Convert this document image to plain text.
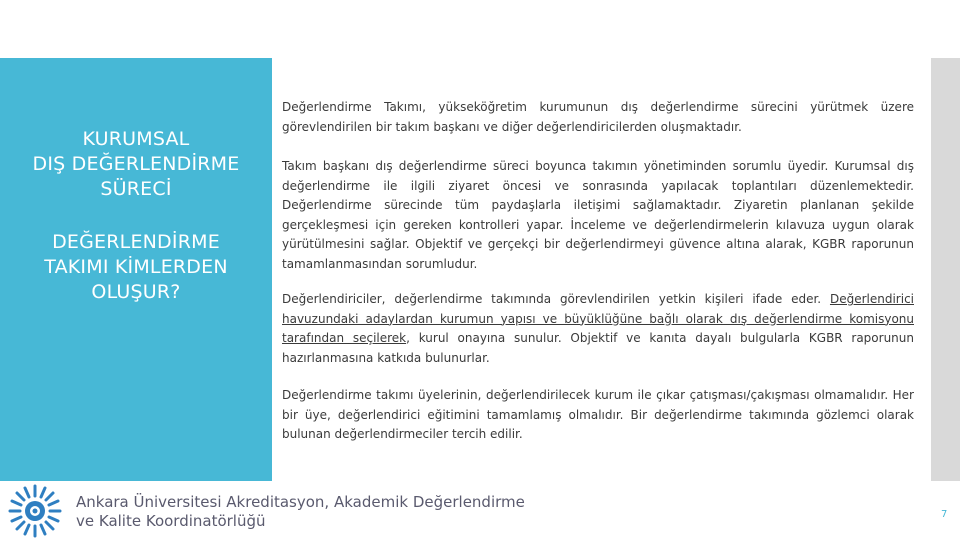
KURUMSAL
DIŞ DEĞERLENDİRME
SÜRECİ
DEĞERLENDİRME
TAKIMI KİMLERDEN
OLUŞUR?
Değerlendirme Takımı, yükseköğretim kurumunun dış değerlendirme sürecini yürütmek üzere görevlendirilen bir takım başkanı ve diğer değerlendiricilerden oluşmaktadır.
Takım başkanı dış değerlendirme süreci boyunca takımın yönetiminden sorumlu üyedir. Kurumsal dış değerlendirme ile ilgili ziyaret öncesi ve sonrasında yapılacak toplantıları düzenlemektedir. Değerlendirme sürecinde tüm paydaşlarla iletişimi sağlamaktadır. Ziyaretin planlanan şekilde gerçekleşmesi için gereken kontrolleri yapar. İnceleme ve değerlendirmelerin kılavuza uygun olarak yürütülmesini sağlar. Objektif ve gerçekçi bir değerlendirmeyi güvence altına alarak, KGBR raporunun tamamlanmasından sorumludur.
Değerlendiriciler, değerlendirme takımında görevlendirilen yetkin kişileri ifade eder. Değerlendirici havuzundaki adaylardan kurumun yapısı ve büyüklüğüne bağlı olarak dış değerlendirme komisyonu tarafından seçilerek, kurul onayına sunulur. Objektif ve kanıta dayalı bulgularla KGBR raporunun hazırlanmasına katkıda bulunurlar.
Değerlendirme takımı üyelerinin, değerlendirilecek kurum ile çıkar çatışması/çakışması olmamalıdır. Her bir üye, değerlendirici eğitimini tamamlamış olmalıdır. Bir değerlendirme takımında gözlemci olarak bulunan değerlendirmeciler tercih edilir.
Ankara Üniversitesi Akreditasyon, Akademik Değerlendirme
ve Kalite Koordinatörlüğü	7
